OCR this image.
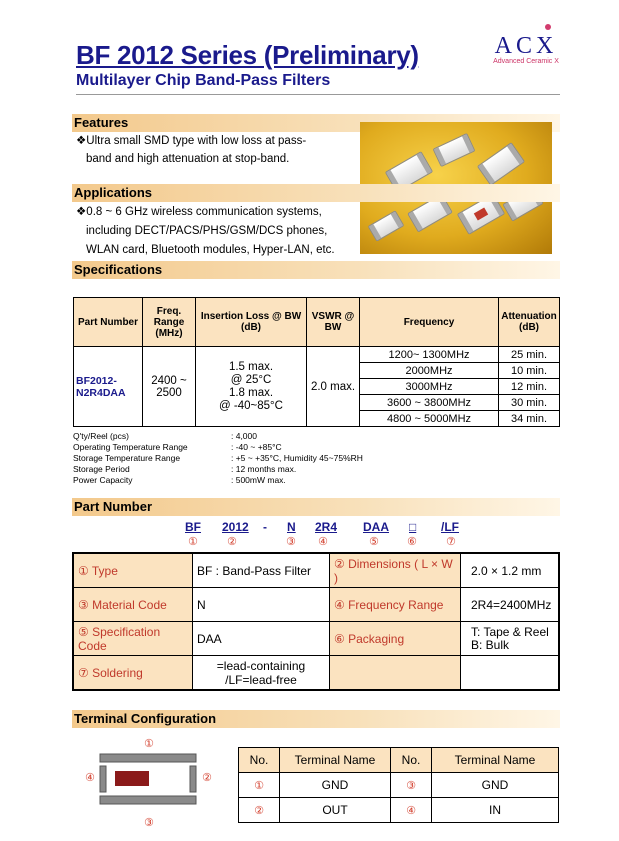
BF 2012 Series (Preliminary)
Multilayer Chip Band-Pass Filters
ACX
Advanced Ceramic X
Features
❖Ultra small SMD type with low loss at pass-
band and high attenuation at stop-band.
Applications
❖0.8 ~ 6 GHz wireless communication systems,
including DECT/PACS/PHS/GSM/DCS phones,
WLAN card, Bluetooth modules, Hyper-LAN, etc.
Specifications
Part Number	Freq. Range (MHz)	Insertion Loss @ BW (dB)	VSWR @ BW	Frequency	Attenuation (dB)
BF2012-N2R4DAA	2400 ~ 2500	1.5 max.
@ 25°C
1.8 max.
@ -40~85°C	2.0 max.	1200~ 1300MHz	25 min.
				2000MHz	10 min.
				3000MHz	12 min.
				3600 ~ 3800MHz	30 min.
				4800 ~ 5000MHz	34 min.
Q'ty/Reel (pcs)	: 4,000
Operating Temperature Range	: -40 ~ +85°C
Storage Temperature Range	: +5 ~ +35°C, Humidity 45~75%RH
Storage Period	: 12 months max.
Power Capacity	: 500mW max.
Part Number
BF 2012 - N 2R4 DAA □ /LF
①	②	③ ④	⑤	⑥	⑦
① Type	BF : Band-Pass Filter	② Dimensions ( L × W )	2.0 × 1.2 mm
③ Material Code	N	④ Frequency Range	2R4=2400MHz
⑤ Specification Code	DAA	⑥ Packaging	T: Tape & Reel
B: Bulk
⑦ Soldering	=lead-containing
/LF=lead-free		
Terminal Configuration
①
②
③
④
No.	Terminal Name	No.	Terminal Name
①	GND	③	GND
②	OUT	④	IN
